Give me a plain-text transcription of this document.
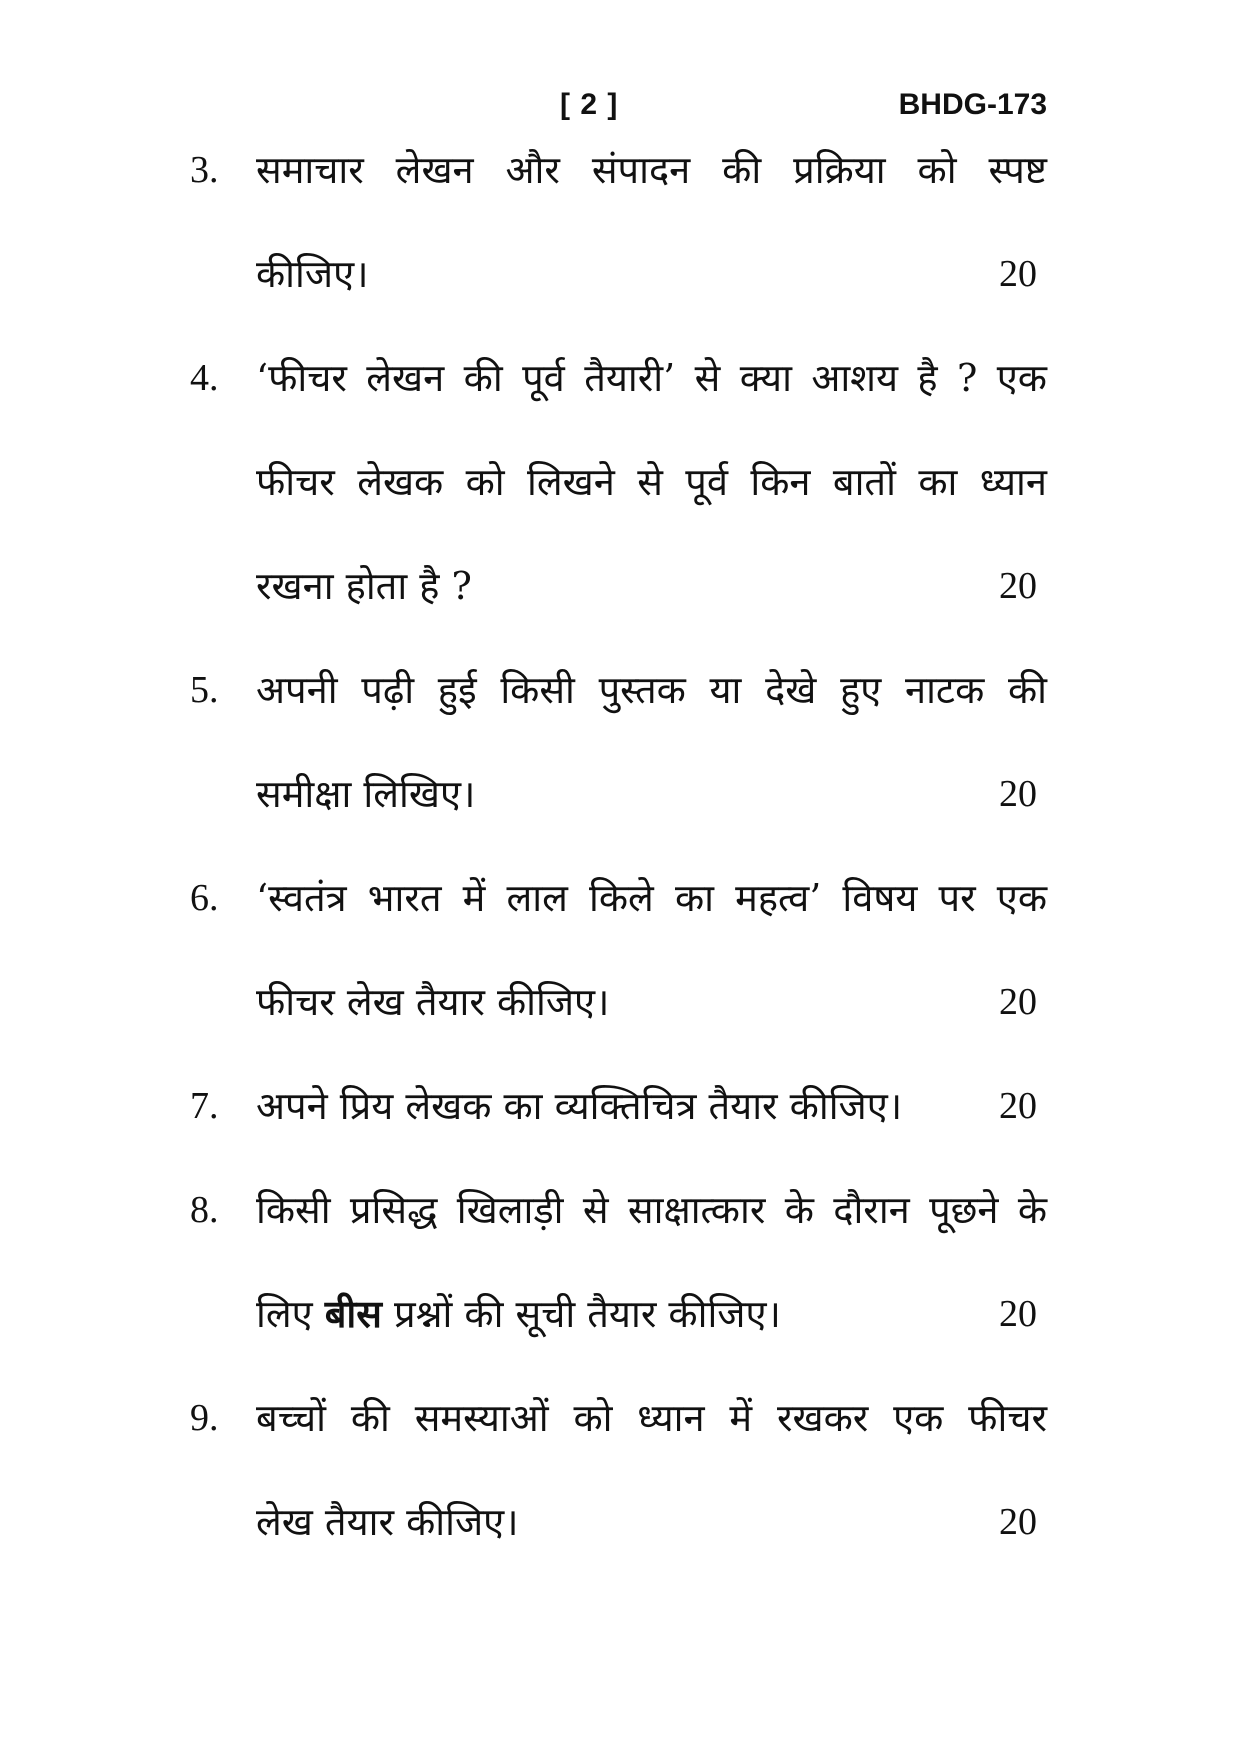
[ 2 ]	BHDG-173
3. समाचार लेखन और संपादन की प्रक्रिया को स्पष्ट
कीजिए।	20
4. ‘फीचर लेखन की पूर्व तैयारी’ से क्या आशय है ? एक
फीचर लेखक को लिखने से पूर्व किन बातों का ध्यान
रखना होता है ?	20
5. अपनी पढ़ी हुई किसी पुस्तक या देखे हुए नाटक की
समीक्षा लिखिए।	20
6. ‘स्वतंत्र भारत में लाल किले का महत्व’ विषय पर एक
फीचर लेख तैयार कीजिए।	20
7. अपने प्रिय लेखक का व्यक्तिचित्र तैयार कीजिए।	20
8. किसी प्रसिद्ध खिलाड़ी से साक्षात्कार के दौरान पूछने के
लिए बीस प्रश्नों की सूची तैयार कीजिए।	20
9. बच्चों की समस्याओं को ध्यान में रखकर एक फीचर
लेख तैयार कीजिए।	20
